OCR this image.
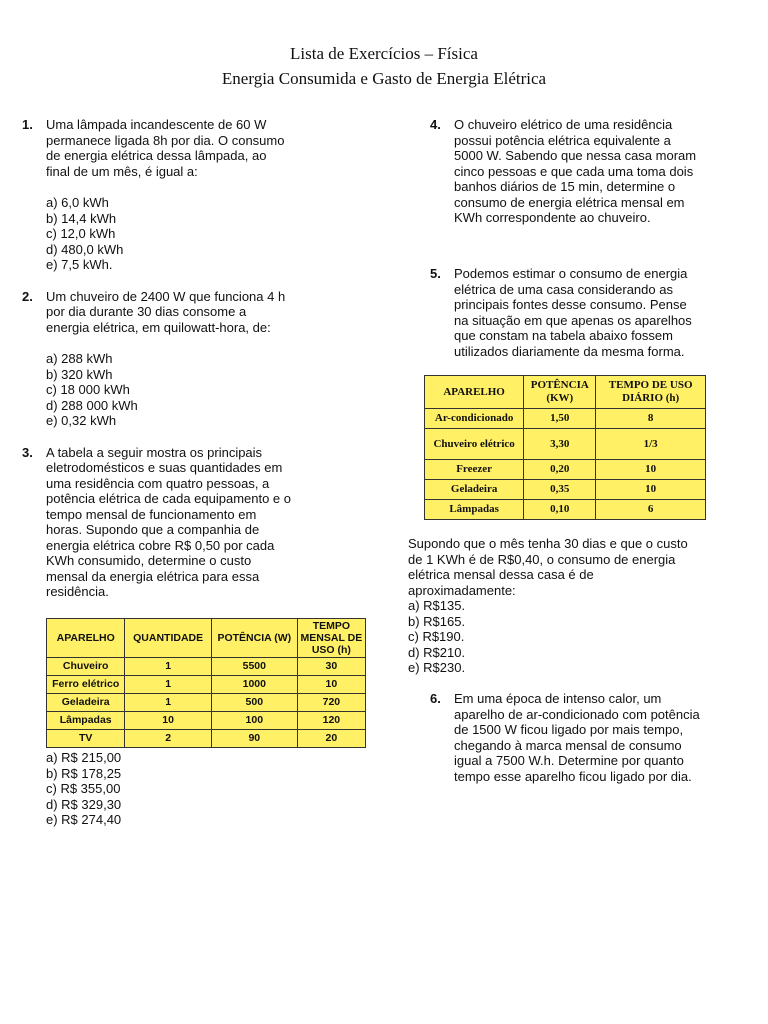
Lista de Exercícios – Física
Energia Consumida e Gasto de Energia Elétrica
1. Uma lâmpada incandescente de 60 W
permanece ligada 8h por dia. O consumo
de energia elétrica dessa lâmpada, ao
final de um mês, é igual a:
a) 6,0 kWh
b) 14,4 kWh
c) 12,0 kWh
d) 480,0 kWh
e) 7,5 kWh.
2. Um chuveiro de 2400 W que funciona 4 h
por dia durante 30 dias consome a
energia elétrica, em quilowatt-hora, de:
a) 288 kWh
b) 320 kWh
c) 18 000 kWh
d) 288 000 kWh
e) 0,32 kWh
3. A tabela a seguir mostra os principais
eletrodomésticos e suas quantidades em
uma residência com quatro pessoas, a
potência elétrica de cada equipamento e o
tempo mensal de funcionamento em
horas. Supondo que a companhia de
energia elétrica cobre R$ 0,50 por cada
KWh consumido, determine o custo
mensal da energia elétrica para essa
residência.
APARELHO	QUANTIDADE	POTÊNCIA (W)	TEMPO MENSAL DE USO (h)
Chuveiro	1	5500	30
Ferro elétrico	1	1000	10
Geladeira	1	500	720
Lâmpadas	10	100	120
TV	2	90	20
a) R$ 215,00
b) R$ 178,25
c) R$ 355,00
d) R$ 329,30
e) R$ 274,40
4. O chuveiro elétrico de uma residência
possui potência elétrica equivalente a
5000 W. Sabendo que nessa casa moram
cinco pessoas e que cada uma toma dois
banhos diários de 15 min, determine o
consumo de energia elétrica mensal em
KWh correspondente ao chuveiro.
5. Podemos estimar o consumo de energia
elétrica de uma casa considerando as
principais fontes desse consumo. Pense
na situação em que apenas os aparelhos
que constam na tabela abaixo fossem
utilizados diariamente da mesma forma.
APARELHO	POTÊNCIA (KW)	TEMPO DE USO DIÁRIO (h)
Ar-condicionado	1,50	8
Chuveiro elétrico	3,30	1/3
Freezer	0,20	10
Geladeira	0,35	10
Lâmpadas	0,10	6
Supondo que o mês tenha 30 dias e que o custo
de 1 KWh é de R$0,40, o consumo de energia
elétrica mensal dessa casa é de
aproximadamente:
a) R$135.
b) R$165.
c) R$190.
d) R$210.
e) R$230.
6. Em uma época de intenso calor, um
aparelho de ar-condicionado com potência
de 1500 W ficou ligado por mais tempo,
chegando à marca mensal de consumo
igual a 7500 W.h. Determine por quanto
tempo esse aparelho ficou ligado por dia.
